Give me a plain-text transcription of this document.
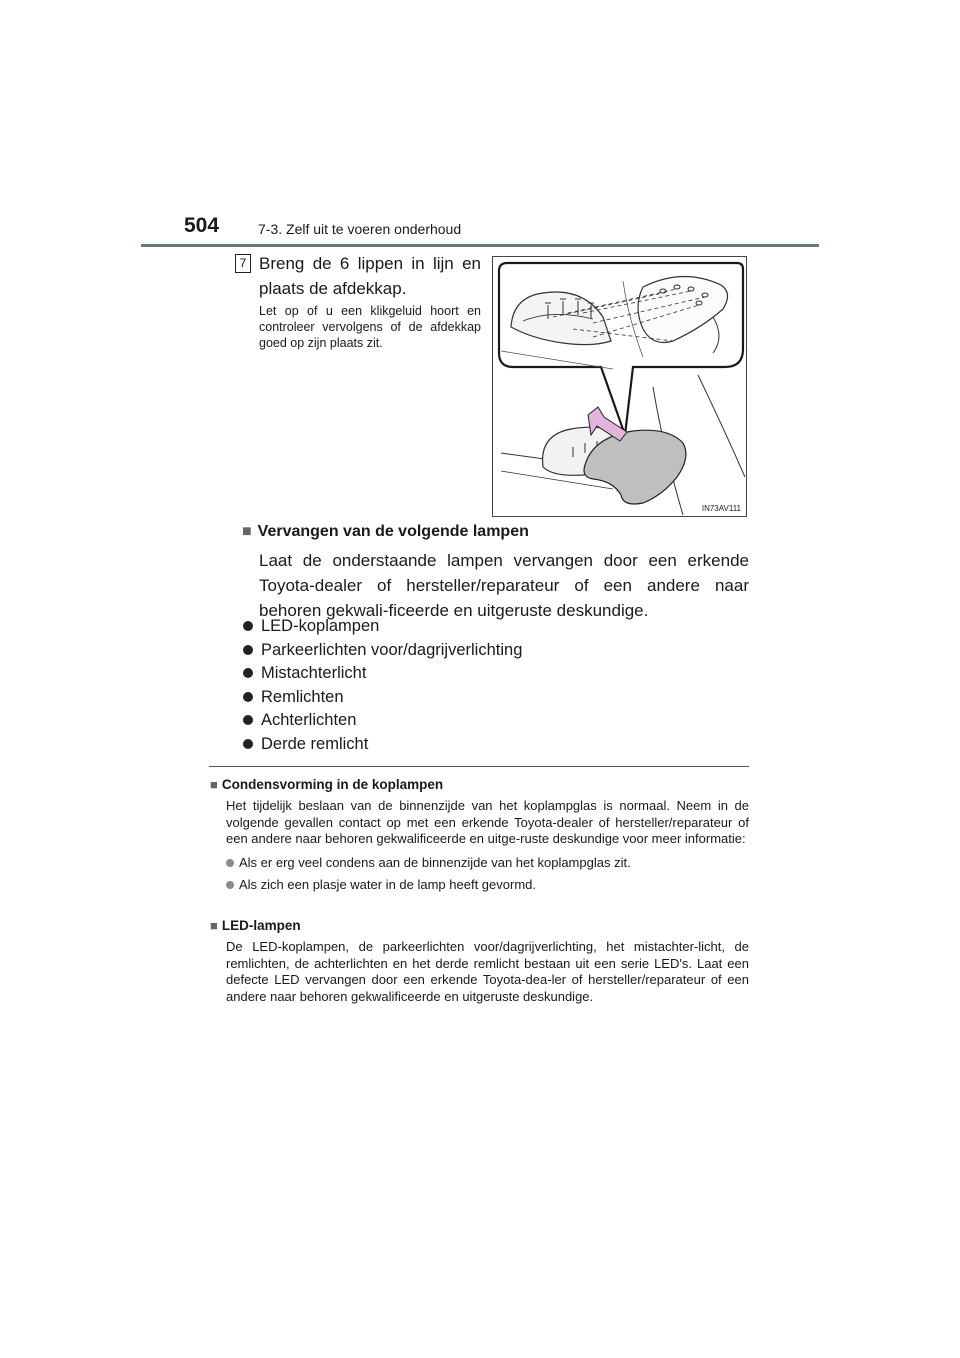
504	7-3. Zelf uit te voeren onderhoud
7 Breng de 6 lippen in lijn en plaats de afdekkap.
Let op of u een klikgeluid hoort en controleer vervolgens of de afdekkap goed op zijn plaats zit.
IN73AV111
■ Vervangen van de volgende lampen
Laat de onderstaande lampen vervangen door een erkende Toyota-dealer of hersteller/reparateur of een andere naar behoren gekwali-ficeerde en uitgeruste deskundige.
LED-koplampen
Parkeerlichten voor/dagrijverlichting
Mistachterlicht
Remlichten
Achterlichten
Derde remlicht
■ Condensvorming in de koplampen
Het tijdelijk beslaan van de binnenzijde van het koplampglas is normaal. Neem in de volgende gevallen contact op met een erkende Toyota-dealer of hersteller/reparateur of een andere naar behoren gekwalificeerde en uitge-ruste deskundige voor meer informatie:
Als er erg veel condens aan de binnenzijde van het koplampglas zit.
Als zich een plasje water in de lamp heeft gevormd.
■ LED-lampen
De LED-koplampen, de parkeerlichten voor/dagrijverlichting, het mistachter-licht, de remlichten, de achterlichten en het derde remlicht bestaan uit een serie LED's. Laat een defecte LED vervangen door een erkende Toyota-dea-ler of hersteller/reparateur of een andere naar behoren gekwalificeerde en uitgeruste deskundige.
